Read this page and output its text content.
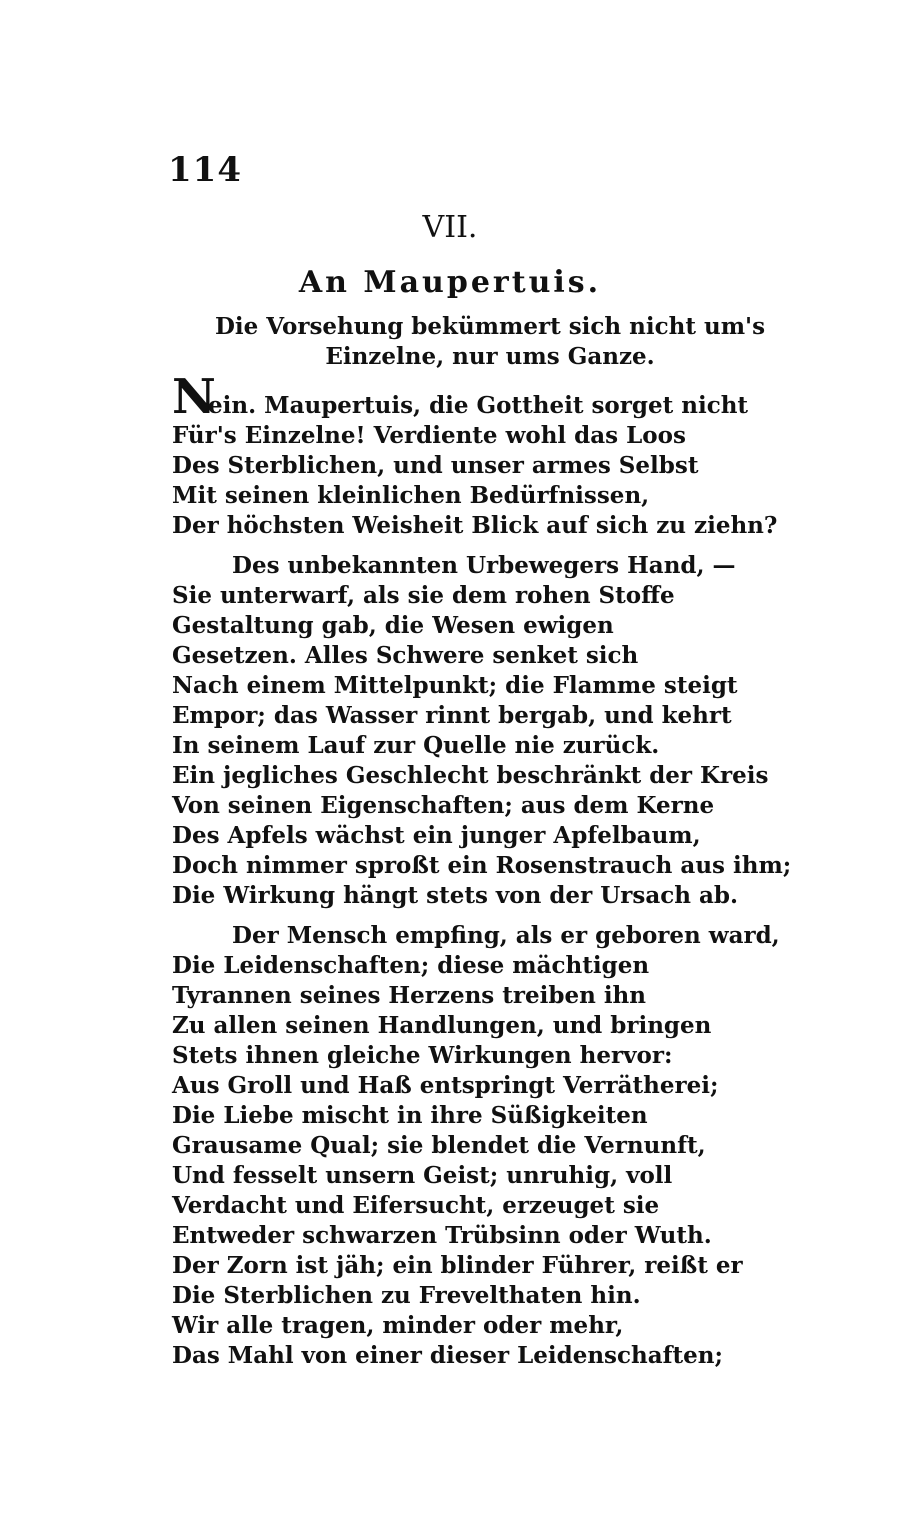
114
VII.
An Maupertuis.
Die Vorsehung bekümmert sich nicht um's Einzelne, nur ums Ganze.
Nein. Maupertuis, die Gottheit sorget nicht
Für's Einzelne! Verdiente wohl das Loos
Des Sterblichen, und unser armes Selbst
Mit seinen kleinlichen Bedürfnissen,
Der höchsten Weisheit Blick auf sich zu ziehn?
Des unbekannten Urbewegers Hand, —
Sie unterwarf, als sie dem rohen Stoffe
Gestaltung gab, die Wesen ewigen
Gesetzen. Alles Schwere senket sich
Nach einem Mittelpunkt; die Flamme steigt
Empor; das Wasser rinnt bergab, und kehrt
In seinem Lauf zur Quelle nie zurück.
Ein jegliches Geschlecht beschränkt der Kreis
Von seinen Eigenschaften; aus dem Kerne
Des Apfels wächst ein junger Apfelbaum,
Doch nimmer sproßt ein Rosenstrauch aus ihm;
Die Wirkung hängt stets von der Ursach ab.
Der Mensch empfing, als er geboren ward,
Die Leidenschaften; diese mächtigen
Tyrannen seines Herzens treiben ihn
Zu allen seinen Handlungen, und bringen
Stets ihnen gleiche Wirkungen hervor:
Aus Groll und Haß entspringt Verrätherei;
Die Liebe mischt in ihre Süßigkeiten
Grausame Qual; sie blendet die Vernunft,
Und fesselt unsern Geist; unruhig, voll
Verdacht und Eifersucht, erzeuget sie
Entweder schwarzen Trübsinn oder Wuth.
Der Zorn ist jäh; ein blinder Führer, reißt er
Die Sterblichen zu Frevelthaten hin.
Wir alle tragen, minder oder mehr,
Das Mahl von einer dieser Leidenschaften;
